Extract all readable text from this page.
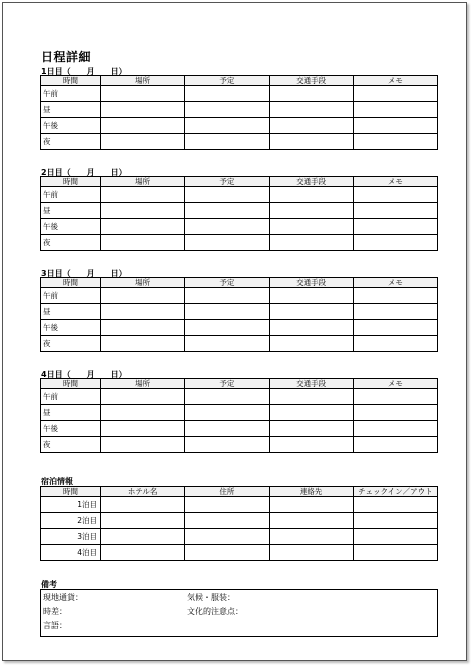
日程詳細
1日目（　　月　　日）
時間	場所	予定	交通手段	メモ
午前				
昼				
午後				
夜				
2日目（　　月　　日）
時間	場所	予定	交通手段	メモ
午前				
昼				
午後				
夜				
3日目（　　月　　日）
時間	場所	予定	交通手段	メモ
午前				
昼				
午後				
夜				
4日目（　　月　　日）
時間	場所	予定	交通手段	メモ
午前				
昼				
午後				
夜				
宿泊情報
時間	ホテル名	住所	連絡先	チェックイン／アウト
1泊目				
2泊目				
3泊目				
4泊目				
備考
現地通貨：
時差：
言語：
気候・服装：
文化的注意点：
